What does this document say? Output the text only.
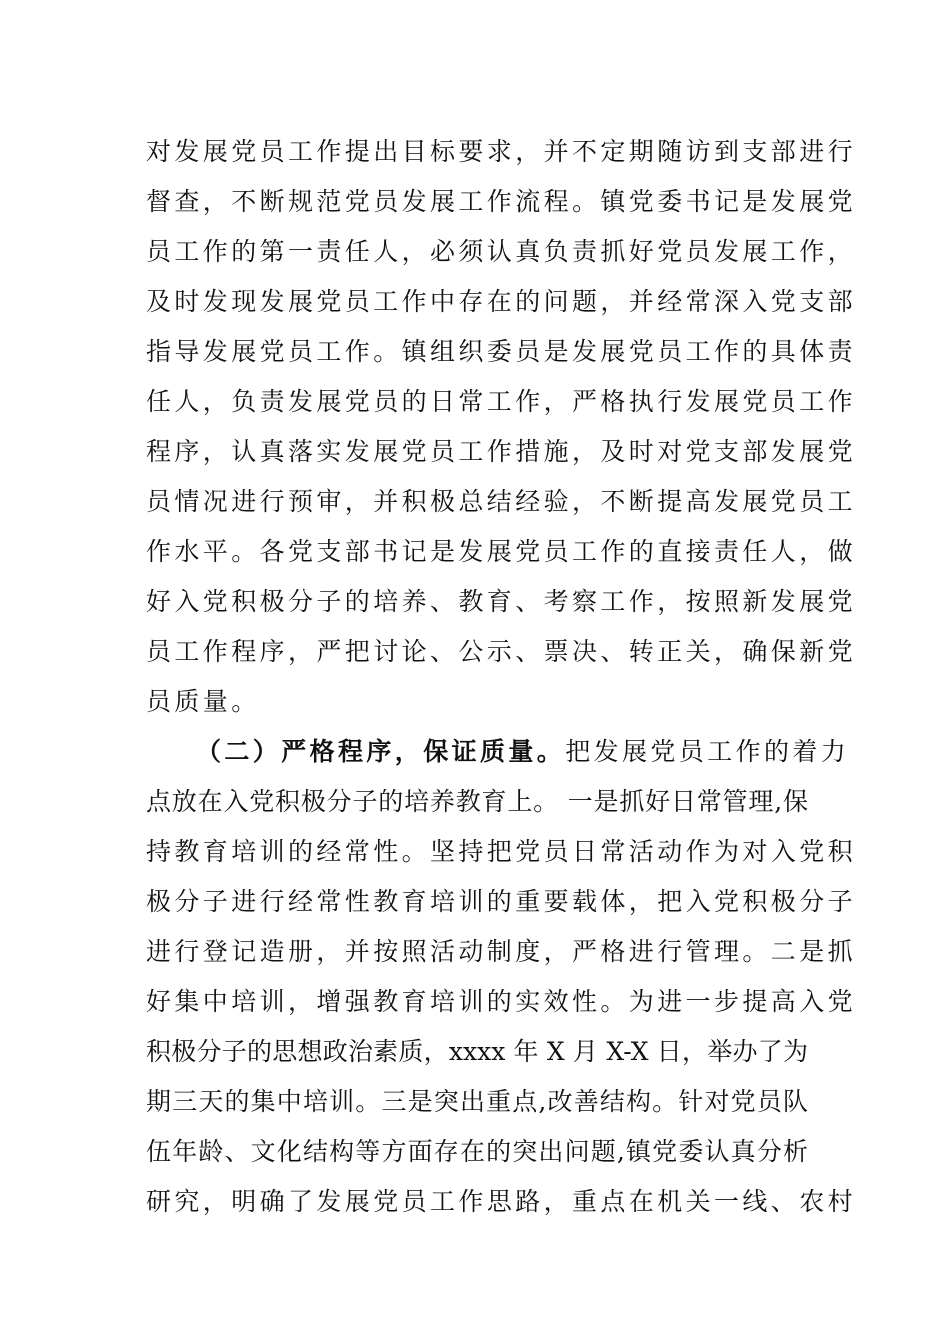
对发展党员工作提出目标要求，并不定期随访到支部进行
督查，不断规范党员发展工作流程。镇党委书记是发展党
员工作的第一责任人，必须认真负责抓好党员发展工作，
及时发现发展党员工作中存在的问题，并经常深入党支部
指导发展党员工作。镇组织委员是发展党员工作的具体责
任人，负责发展党员的日常工作，严格执行发展党员工作
程序，认真落实发展党员工作措施，及时对党支部发展党
员情况进行预审，并积极总结经验，不断提高发展党员工
作水平。各党支部书记是发展党员工作的直接责任人，做
好入党积极分子的培养、教育、考察工作，按照新发展党
员工作程序，严把讨论、公示、票决、转正关，确保新党
员质量。
（二）严格程序，保证质量。把发展党员工作的着力
点放在入党积极分子的培养教育上。 一是抓好日常管理,保
持教育培训的经常性。坚持把党员日常活动作为对入党积
极分子进行经常性教育培训的重要载体，把入党积极分子
进行登记造册，并按照活动制度，严格进行管理。二是抓
好集中培训，增强教育培训的实效性。为进一步提高入党
积极分子的思想政治素质，xxxx 年 X 月 X-X 日，举办了为
期三天的集中培训。三是突出重点,改善结构。针对党员队
伍年龄、文化结构等方面存在的突出问题,镇党委认真分析
研究，明确了发展党员工作思路，重点在机关一线、农村
